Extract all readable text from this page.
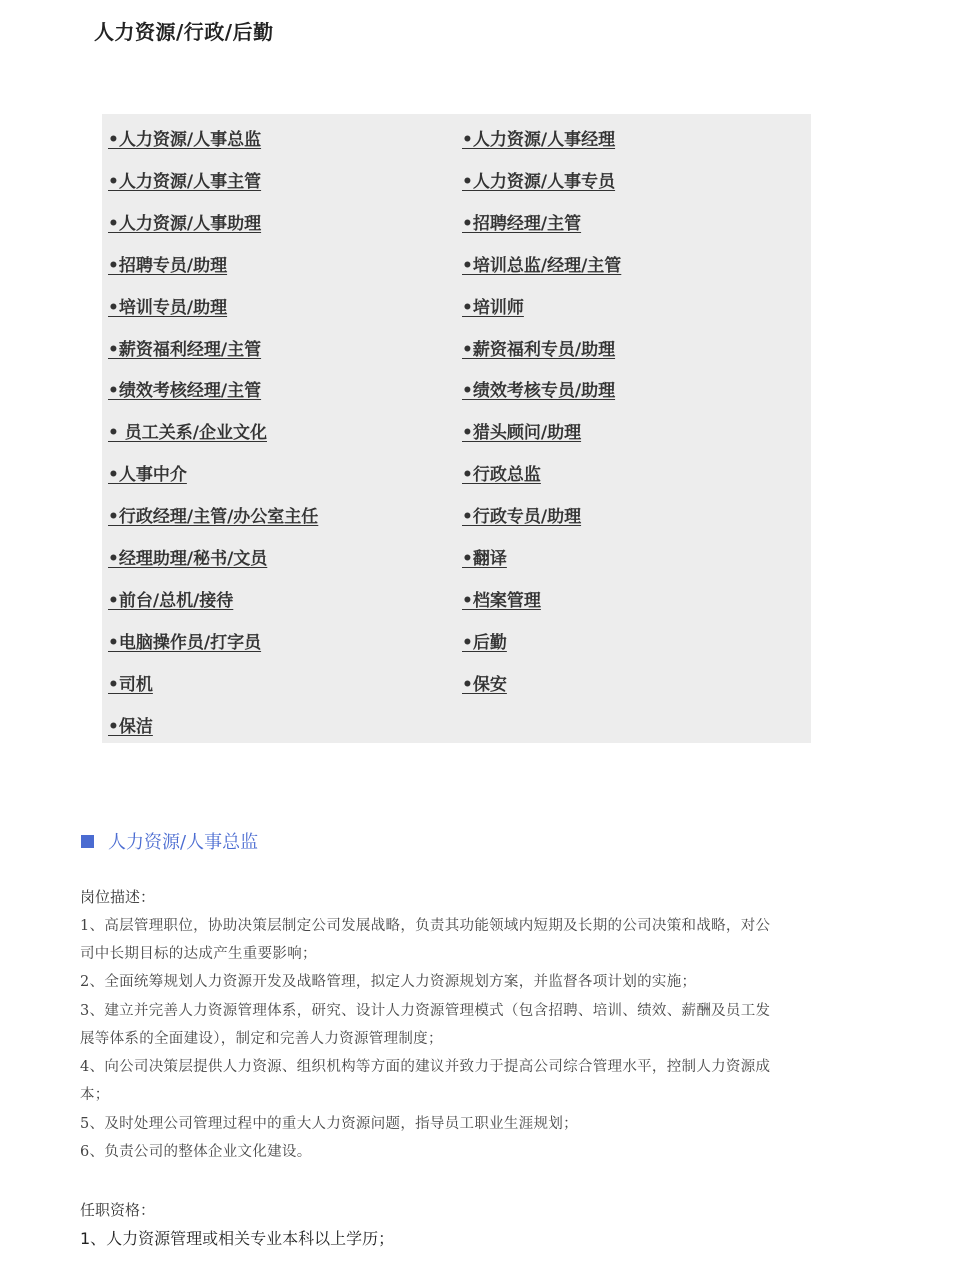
人力资源/行政/后勤
•人力资源/人事总监
•人力资源/人事主管
•人力资源/人事助理
•招聘专员/助理
•培训专员/助理
•薪资福利经理/主管
•绩效考核经理/主管
• 员工关系/企业文化
•人事中介
•行政经理/主管/办公室主任
•经理助理/秘书/文员
•前台/总机/接待
•电脑操作员/打字员
•司机
•保洁
•人力资源/人事经理
•人力资源/人事专员
•招聘经理/主管
•培训总监/经理/主管
•培训师
•薪资福利专员/助理
•绩效考核专员/助理
•猎头顾问/助理
•行政总监
•行政专员/助理
•翻译
•档案管理
•后勤
•保安
人力资源/人事总监
岗位描述：
1、高层管理职位，协助决策层制定公司发展战略，负责其功能领域内短期及长期的公司决策和战略，对公
司中长期目标的达成产生重要影响；
2、全面统筹规划人力资源开发及战略管理，拟定人力资源规划方案，并监督各项计划的实施；
3、建立并完善人力资源管理体系，研究、设计人力资源管理模式（包含招聘、培训、绩效、薪酬及员工发
展等体系的全面建设），制定和完善人力资源管理制度；
4、向公司决策层提供人力资源、组织机构等方面的建议并致力于提高公司综合管理水平，控制人力资源成
本；
5、及时处理公司管理过程中的重大人力资源问题，指导员工职业生涯规划；
6、负责公司的整体企业文化建设。
任职资格：
1、人力资源管理或相关专业本科以上学历；
